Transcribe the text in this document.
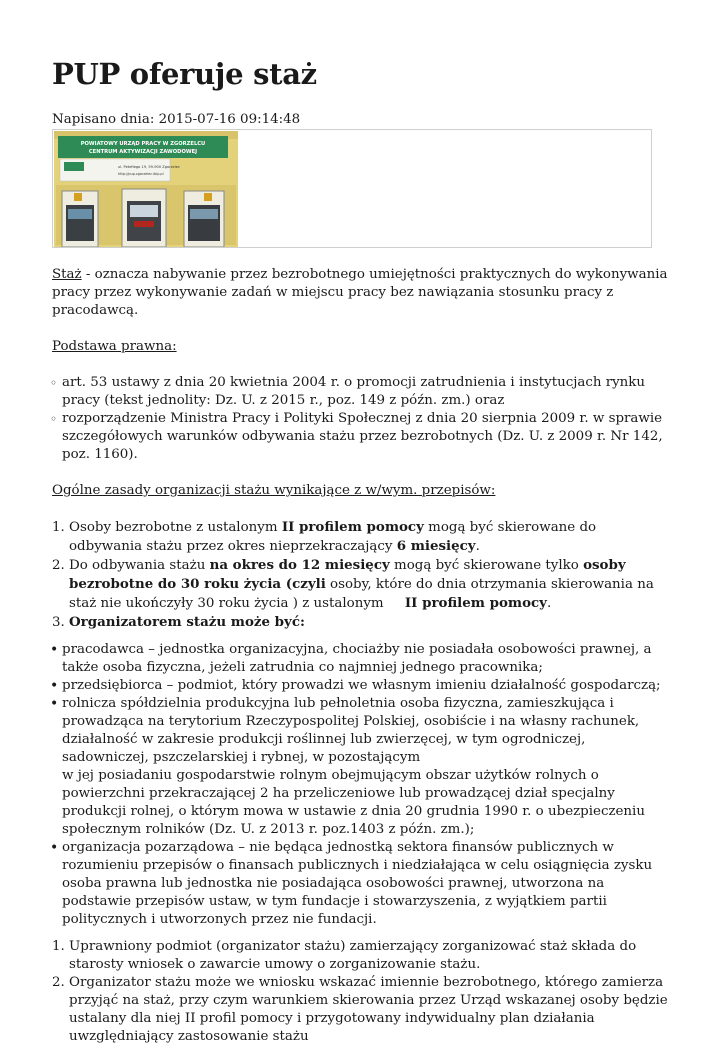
PUP oferuje staż
Napisano dnia: 2015-07-16 09:14:48
POWIATOWY URZĄD PRACY W ZGORZELCU
CENTRUM AKTYWIZACJI ZAWODOWEJ
ul. Petefiego 19, 59-900 Zgorzelec
http://pup.zgorzelec.ibip.pl

Staż - oznacza nabywanie przez bezrobotnego umiejętności praktycznych do wykonywania pracy przez wykonywanie zadań w miejscu pracy bez nawiązania stosunku pracy z pracodawcą.

Podstawa prawna:

◦ art. 53 ustawy z dnia 20 kwietnia 2004 r. o promocji zatrudnienia i instytucjach rynku pracy (tekst jednolity: Dz. U. z 2015 r., poz. 149 z późn. zm.) oraz
◦ rozporządzenie Ministra Pracy i Polityki Społecznej z dnia 20 sierpnia 2009 r. w sprawie szczegółowych warunków odbywania stażu przez bezrobotnych (Dz. U. z 2009 r. Nr 142, poz. 1160).

Ogólne zasady organizacji stażu wynikające z w/wym. przepisów:

1. Osoby bezrobotne z ustalonym II profilem pomocy mogą być skierowane do odbywania stażu przez okres nieprzekraczający 6 miesięcy.
2. Do odbywania stażu na okres do 12 miesięcy mogą być skierowane tylko osoby bezrobotne do 30 roku życia (czyli osoby, które do dnia otrzymania skierowania na staż nie ukończyły 30 roku życia ) z ustalonym     II profilem pomocy.
3. Organizatorem stażu może być:
• pracodawca – jednostka organizacyjna, chociażby nie posiadała osobowości prawnej, a także osoba fizyczna, jeżeli zatrudnia co najmniej jednego pracownika;
• przedsiębiorca – podmiot, który prowadzi we własnym imieniu działalność gospodarczą;
• rolnicza spółdzielnia produkcyjna lub pełnoletnia osoba fizyczna, zamieszkująca i prowadząca na terytorium Rzeczypospolitej Polskiej, osobiście i na własny rachunek, działalność w zakresie produkcji roślinnej lub zwierzęcej, w tym ogrodniczej, sadowniczej, pszczelarskiej i rybnej, w pozostającym
w jej posiadaniu gospodarstwie rolnym obejmującym obszar użytków rolnych o powierzchni przekraczającej 2 ha przeliczeniowe lub prowadzącej dział specjalny produkcji rolnej, o którym mowa w ustawie z dnia 20 grudnia 1990 r. o ubezpieczeniu społecznym rolników (Dz. U. z 2013 r. poz.1403 z późn. zm.);
• organizacja pozarządowa – nie będąca jednostką sektora finansów publicznych w rozumieniu przepisów o finansach publicznych i niedziałająca w celu osiągnięcia zysku osoba prawna lub jednostka nie posiadająca osobowości prawnej, utworzona na podstawie przepisów ustaw, w tym fundacje i stowarzyszenia, z wyjątkiem partii politycznych i utworzonych przez nie fundacji.
1. Uprawniony podmiot (organizator stażu) zamierzający zorganizować staż składa do starosty wniosek o zawarcie umowy o zorganizowanie stażu.
2. Organizator stażu może we wniosku wskazać imiennie bezrobotnego, którego zamierza przyjąć na staż, przy czym warunkiem skierowania przez Urząd wskazanej osoby będzie ustalany dla niej II profil pomocy i przygotowany indywidualny plan działania uwzględniający zastosowanie stażu
